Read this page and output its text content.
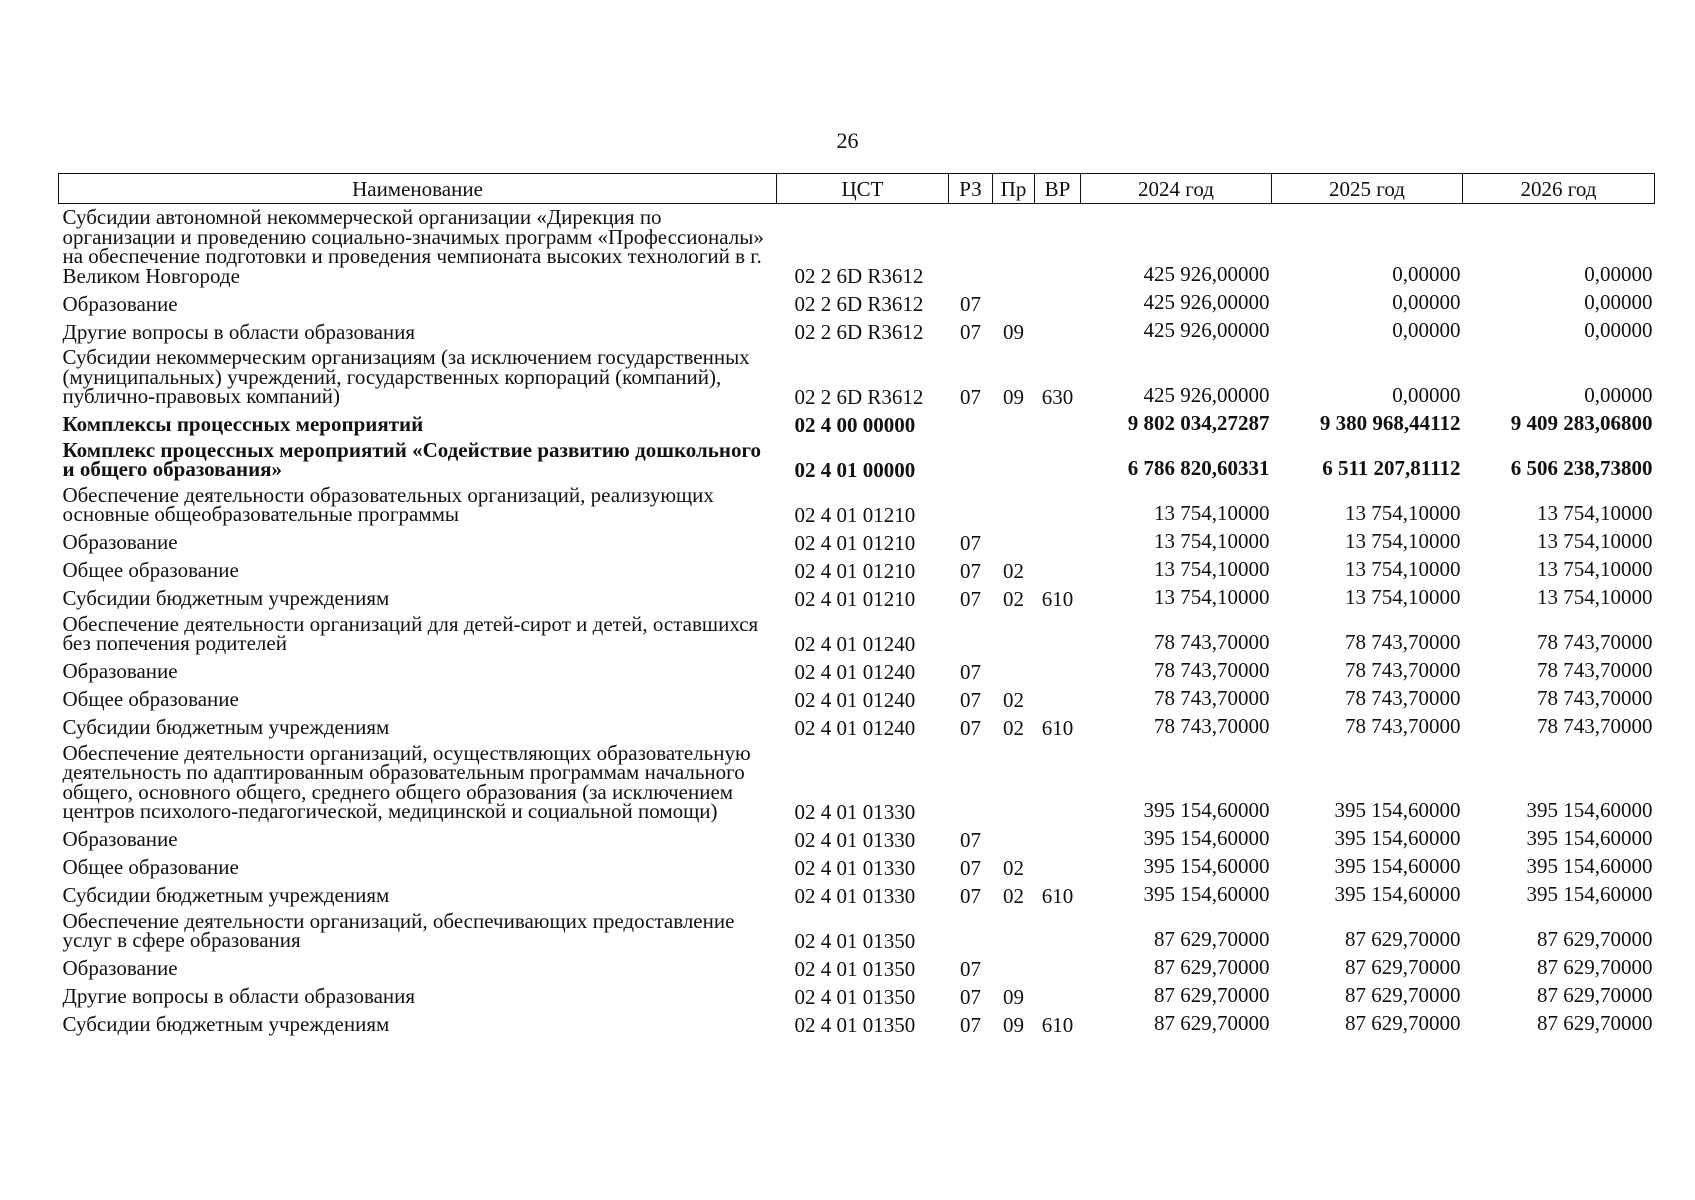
26
Наименование	ЦСТ	РЗ	Пр	ВР	2024 год	2025 год	2026 год
Субсидии автономной некоммерческой организации «Дирекция по организации и проведению социально-значимых программ «Профессионалы» на обеспечение подготовки и проведения чемпионата высоких технологий в г. Великом Новгороде	02 2 6D R3612				425 926,00000	0,00000	0,00000
Образование	02 2 6D R3612	07			425 926,00000	0,00000	0,00000
Другие вопросы в области образования	02 2 6D R3612	07	09		425 926,00000	0,00000	0,00000
Субсидии некоммерческим организациям (за исключением государственных (муниципальных) учреждений, государственных корпораций (компаний), публично-правовых компаний)	02 2 6D R3612	07	09	630	425 926,00000	0,00000	0,00000
Комплексы процессных мероприятий	02 4 00 00000				9 802 034,27287	9 380 968,44112	9 409 283,06800
Комплекс процессных мероприятий «Содействие развитию дошкольного и общего образования»	02 4 01 00000				6 786 820,60331	6 511 207,81112	6 506 238,73800
Обеспечение деятельности образовательных организаций, реализующих основные общеобразовательные программы	02 4 01 01210				13 754,10000	13 754,10000	13 754,10000
Образование	02 4 01 01210	07			13 754,10000	13 754,10000	13 754,10000
Общее образование	02 4 01 01210	07	02		13 754,10000	13 754,10000	13 754,10000
Субсидии бюджетным учреждениям	02 4 01 01210	07	02	610	13 754,10000	13 754,10000	13 754,10000
Обеспечение деятельности организаций для детей-сирот и детей, оставшихся без попечения родителей	02 4 01 01240				78 743,70000	78 743,70000	78 743,70000
Образование	02 4 01 01240	07			78 743,70000	78 743,70000	78 743,70000
Общее образование	02 4 01 01240	07	02		78 743,70000	78 743,70000	78 743,70000
Субсидии бюджетным учреждениям	02 4 01 01240	07	02	610	78 743,70000	78 743,70000	78 743,70000
Обеспечение деятельности организаций, осуществляющих образовательную деятельность по адаптированным образовательным программам начального общего, основного общего, среднего общего образования (за исключением центров психолого-педагогической, медицинской и социальной помощи)	02 4 01 01330				395 154,60000	395 154,60000	395 154,60000
Образование	02 4 01 01330	07			395 154,60000	395 154,60000	395 154,60000
Общее образование	02 4 01 01330	07	02		395 154,60000	395 154,60000	395 154,60000
Субсидии бюджетным учреждениям	02 4 01 01330	07	02	610	395 154,60000	395 154,60000	395 154,60000
Обеспечение деятельности организаций, обеспечивающих предоставление услуг в сфере образования	02 4 01 01350				87 629,70000	87 629,70000	87 629,70000
Образование	02 4 01 01350	07			87 629,70000	87 629,70000	87 629,70000
Другие вопросы в области образования	02 4 01 01350	07	09		87 629,70000	87 629,70000	87 629,70000
Субсидии бюджетным учреждениям	02 4 01 01350	07	09	610	87 629,70000	87 629,70000	87 629,70000
